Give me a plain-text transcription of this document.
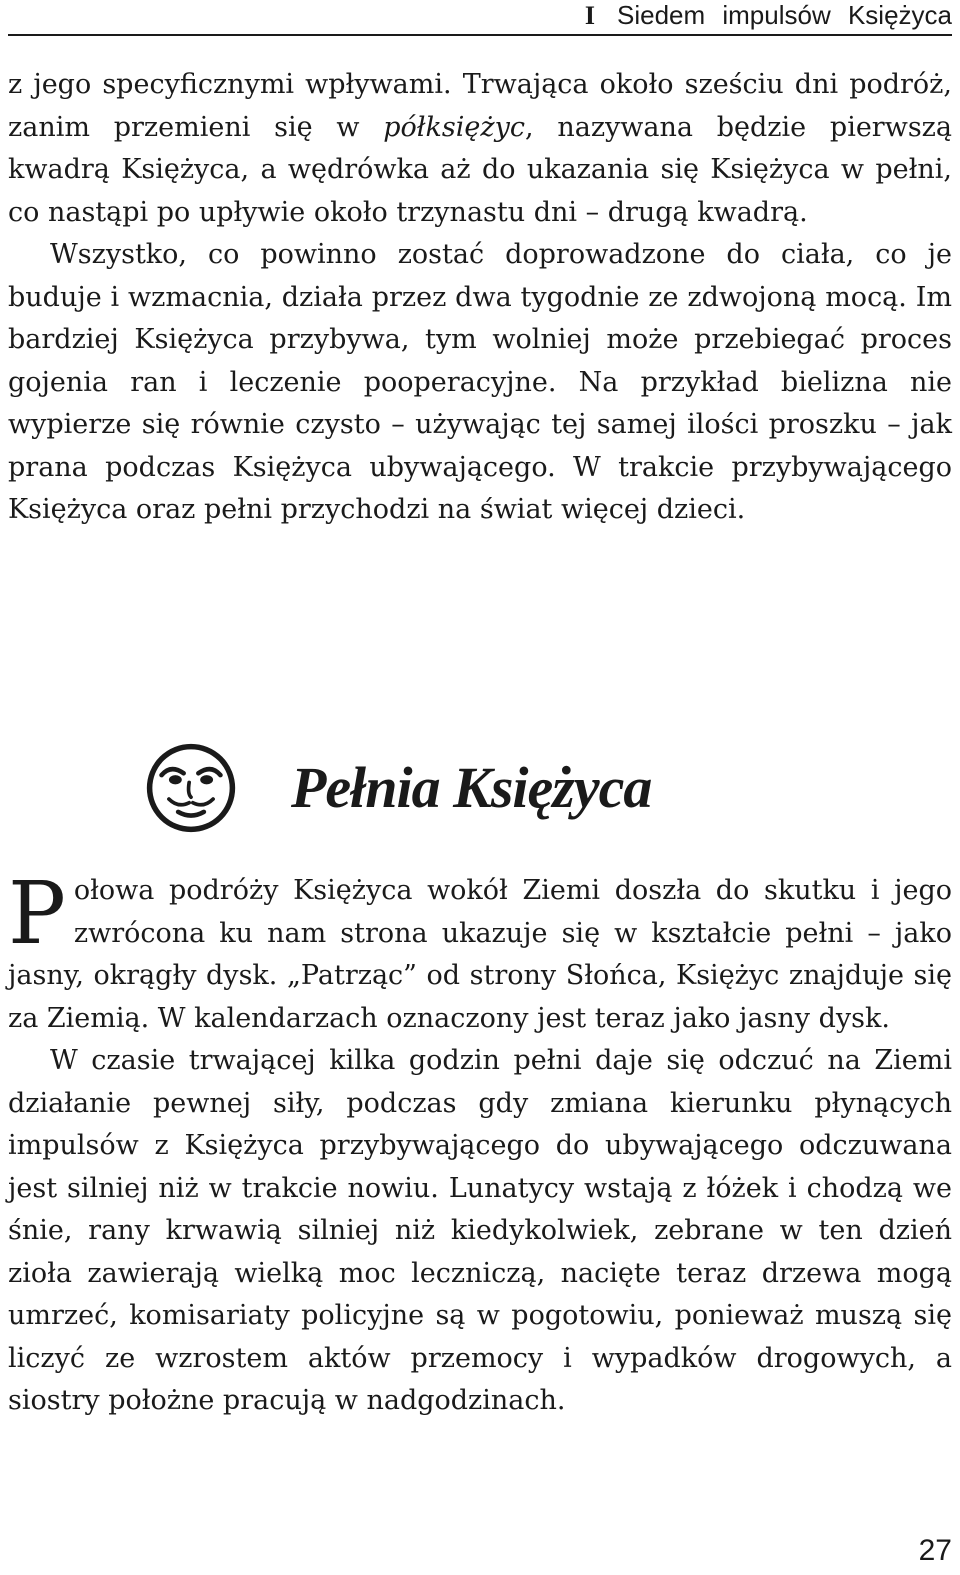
I Siedem impulsów Księżyca

z jego specyficznymi wpływami. Trwająca około sześciu dni podróż, zanim przemieni się w półksiężyc, nazywana będzie pierwszą kwadrą Księżyca, a wędrówka aż do ukazania się Księżyca w pełni, co nastąpi po upływie około trzynastu dni – drugą kwadrą.

Wszystko, co powinno zostać doprowadzone do ciała, co je buduje i wzmacnia, działa przez dwa tygodnie ze zdwojoną mocą. Im bardziej Księżyca przybywa, tym wolniej może przebiegać proces gojenia ran i leczenie pooperacyjne. Na przykład bielizna nie wypierze się równie czysto – używając tej samej ilości proszku – jak prana podczas Księżyca ubywającego. W trakcie przybywającego Księżyca oraz pełni przychodzi na świat więcej dzieci.

Pełnia Księżyca

Połowa podróży Księżyca wokół Ziemi doszła do skutku i jego zwrócona ku nam strona ukazuje się w kształcie pełni – jako jasny, okrągły dysk. „Patrząc” od strony Słońca, Księżyc znajduje się za Ziemią. W kalendarzach oznaczony jest teraz jako jasny dysk.

W czasie trwającej kilka godzin pełni daje się odczuć na Ziemi działanie pewnej siły, podczas gdy zmiana kierunku płynących impulsów z Księżyca przybywającego do ubywającego odczuwana jest silniej niż w trakcie nowiu. Lunatycy wstają z łóżek i chodzą we śnie, rany krwawią silniej niż kiedykolwiek, zebrane w ten dzień zioła zawierają wielką moc leczniczą, nacięte teraz drzewa mogą umrzeć, komisariaty policyjne są w pogotowiu, ponieważ muszą się liczyć ze wzrostem aktów przemocy i wypadków drogowych, a siostry położne pracują w nadgodzinach.

27
